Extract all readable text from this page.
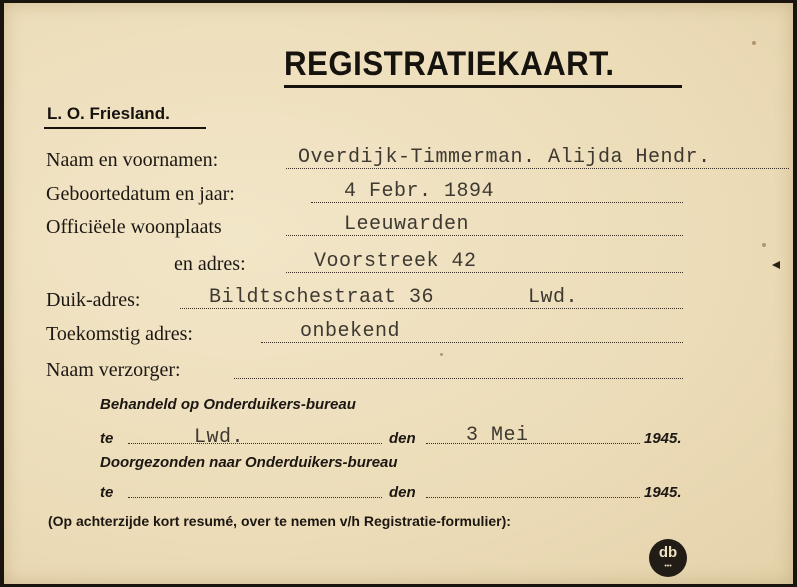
REGISTRATIEKAART.
L. O. Friesland.
Naam en voornamen:	Overdijk-Timmerman. Alijda Hendr.
Geboortedatum en jaar:	4 Febr. 1894
Officiëele woonplaats	Leeuwarden
en adres:	Voorstreek 42
Duik-adres:	Bildtschestraat 36	Lwd.
Toekomstig adres:	onbekend
Naam verzorger:
Behandeld op Onderduikers-bureau
te	Lwd.	den	3 Mei	1945.
Doorgezonden naar Onderduikers-bureau
te	den	1945.
(Op achterzijde kort resumé, over te nemen v/h Registratie-formulier):
db
•••
